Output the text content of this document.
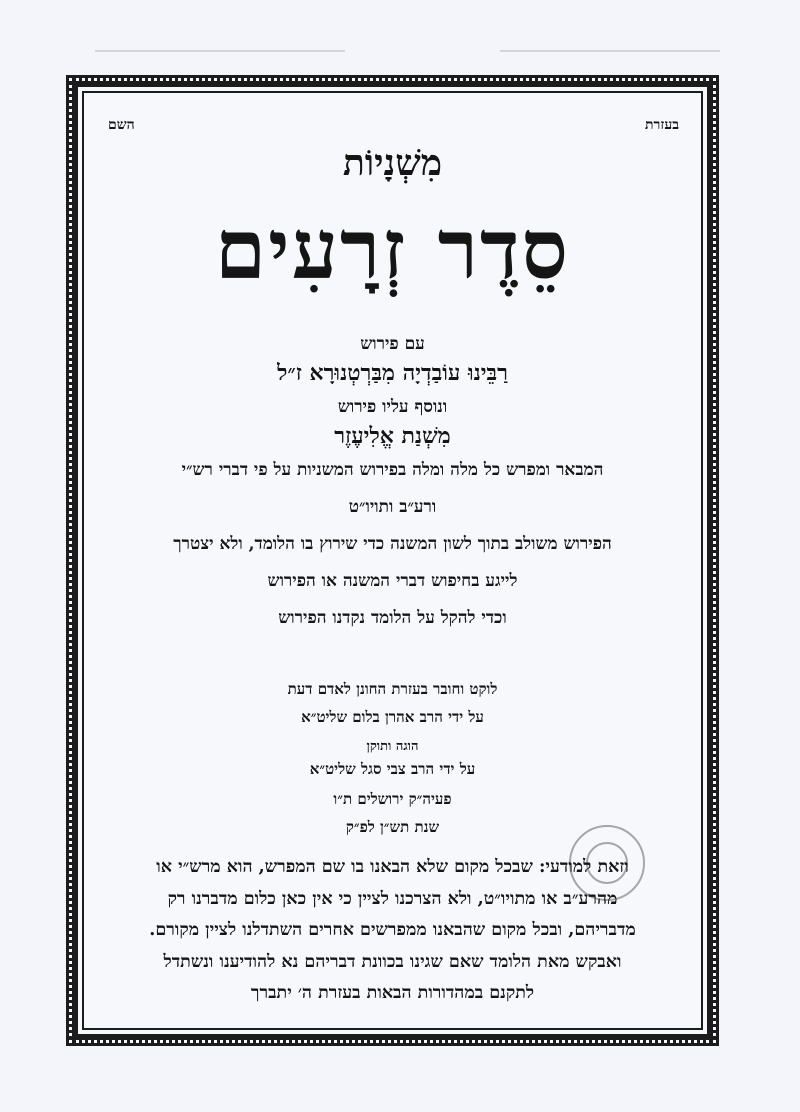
בעזרת
השם
מִשְׁנָיוֹת
סֵדֶר זְרָעִים
עם פירוש
רַבֵּינוּ עוֹבַדְיָה מִבַּרְטְנוּרָא ז״ל
ונוסף עליו פירוש
מִשְׁנַת אֱלִיעֶזֶר
המבאר ומפרש כל מלה ומלה בפירוש המשניות על פי דברי רש״י
ורע״ב ותויו״ט
הפירוש משולב בתוך לשון המשנה כדי שירוץ בו הלומד, ולא יצטרך
לייגע בחיפוש דברי המשנה או הפירוש
וכדי להקל על הלומד נקדנו הפירוש
לוקט וחובר בעזרת החונן לאדם דעת
על ידי הרב אהרן בלום שליט״א
הוגה ותוקן
על ידי הרב צבי סגל שליט״א
פעיה״ק ירושלים ת״ו
שנת תש״ן לפ״ק

וזאת למודעי: שבכל מקום שלא הבאנו בו שם המפרש, הוא מרש״י או

מהרע״ב או מתויו״ט, ולא הצרכנו לציין כי אין כאן כלום מדברנו רק

מדבריהם, ובכל מקום שהבאנו ממפרשים אחרים השתדלנו לציין מקורם.

ואבקש מאת הלומד שאם שגינו בכוונת דבריהם נא להודיענו ונשתדל

לתקנם במהדורות הבאות בעזרת ה׳ יתברך
